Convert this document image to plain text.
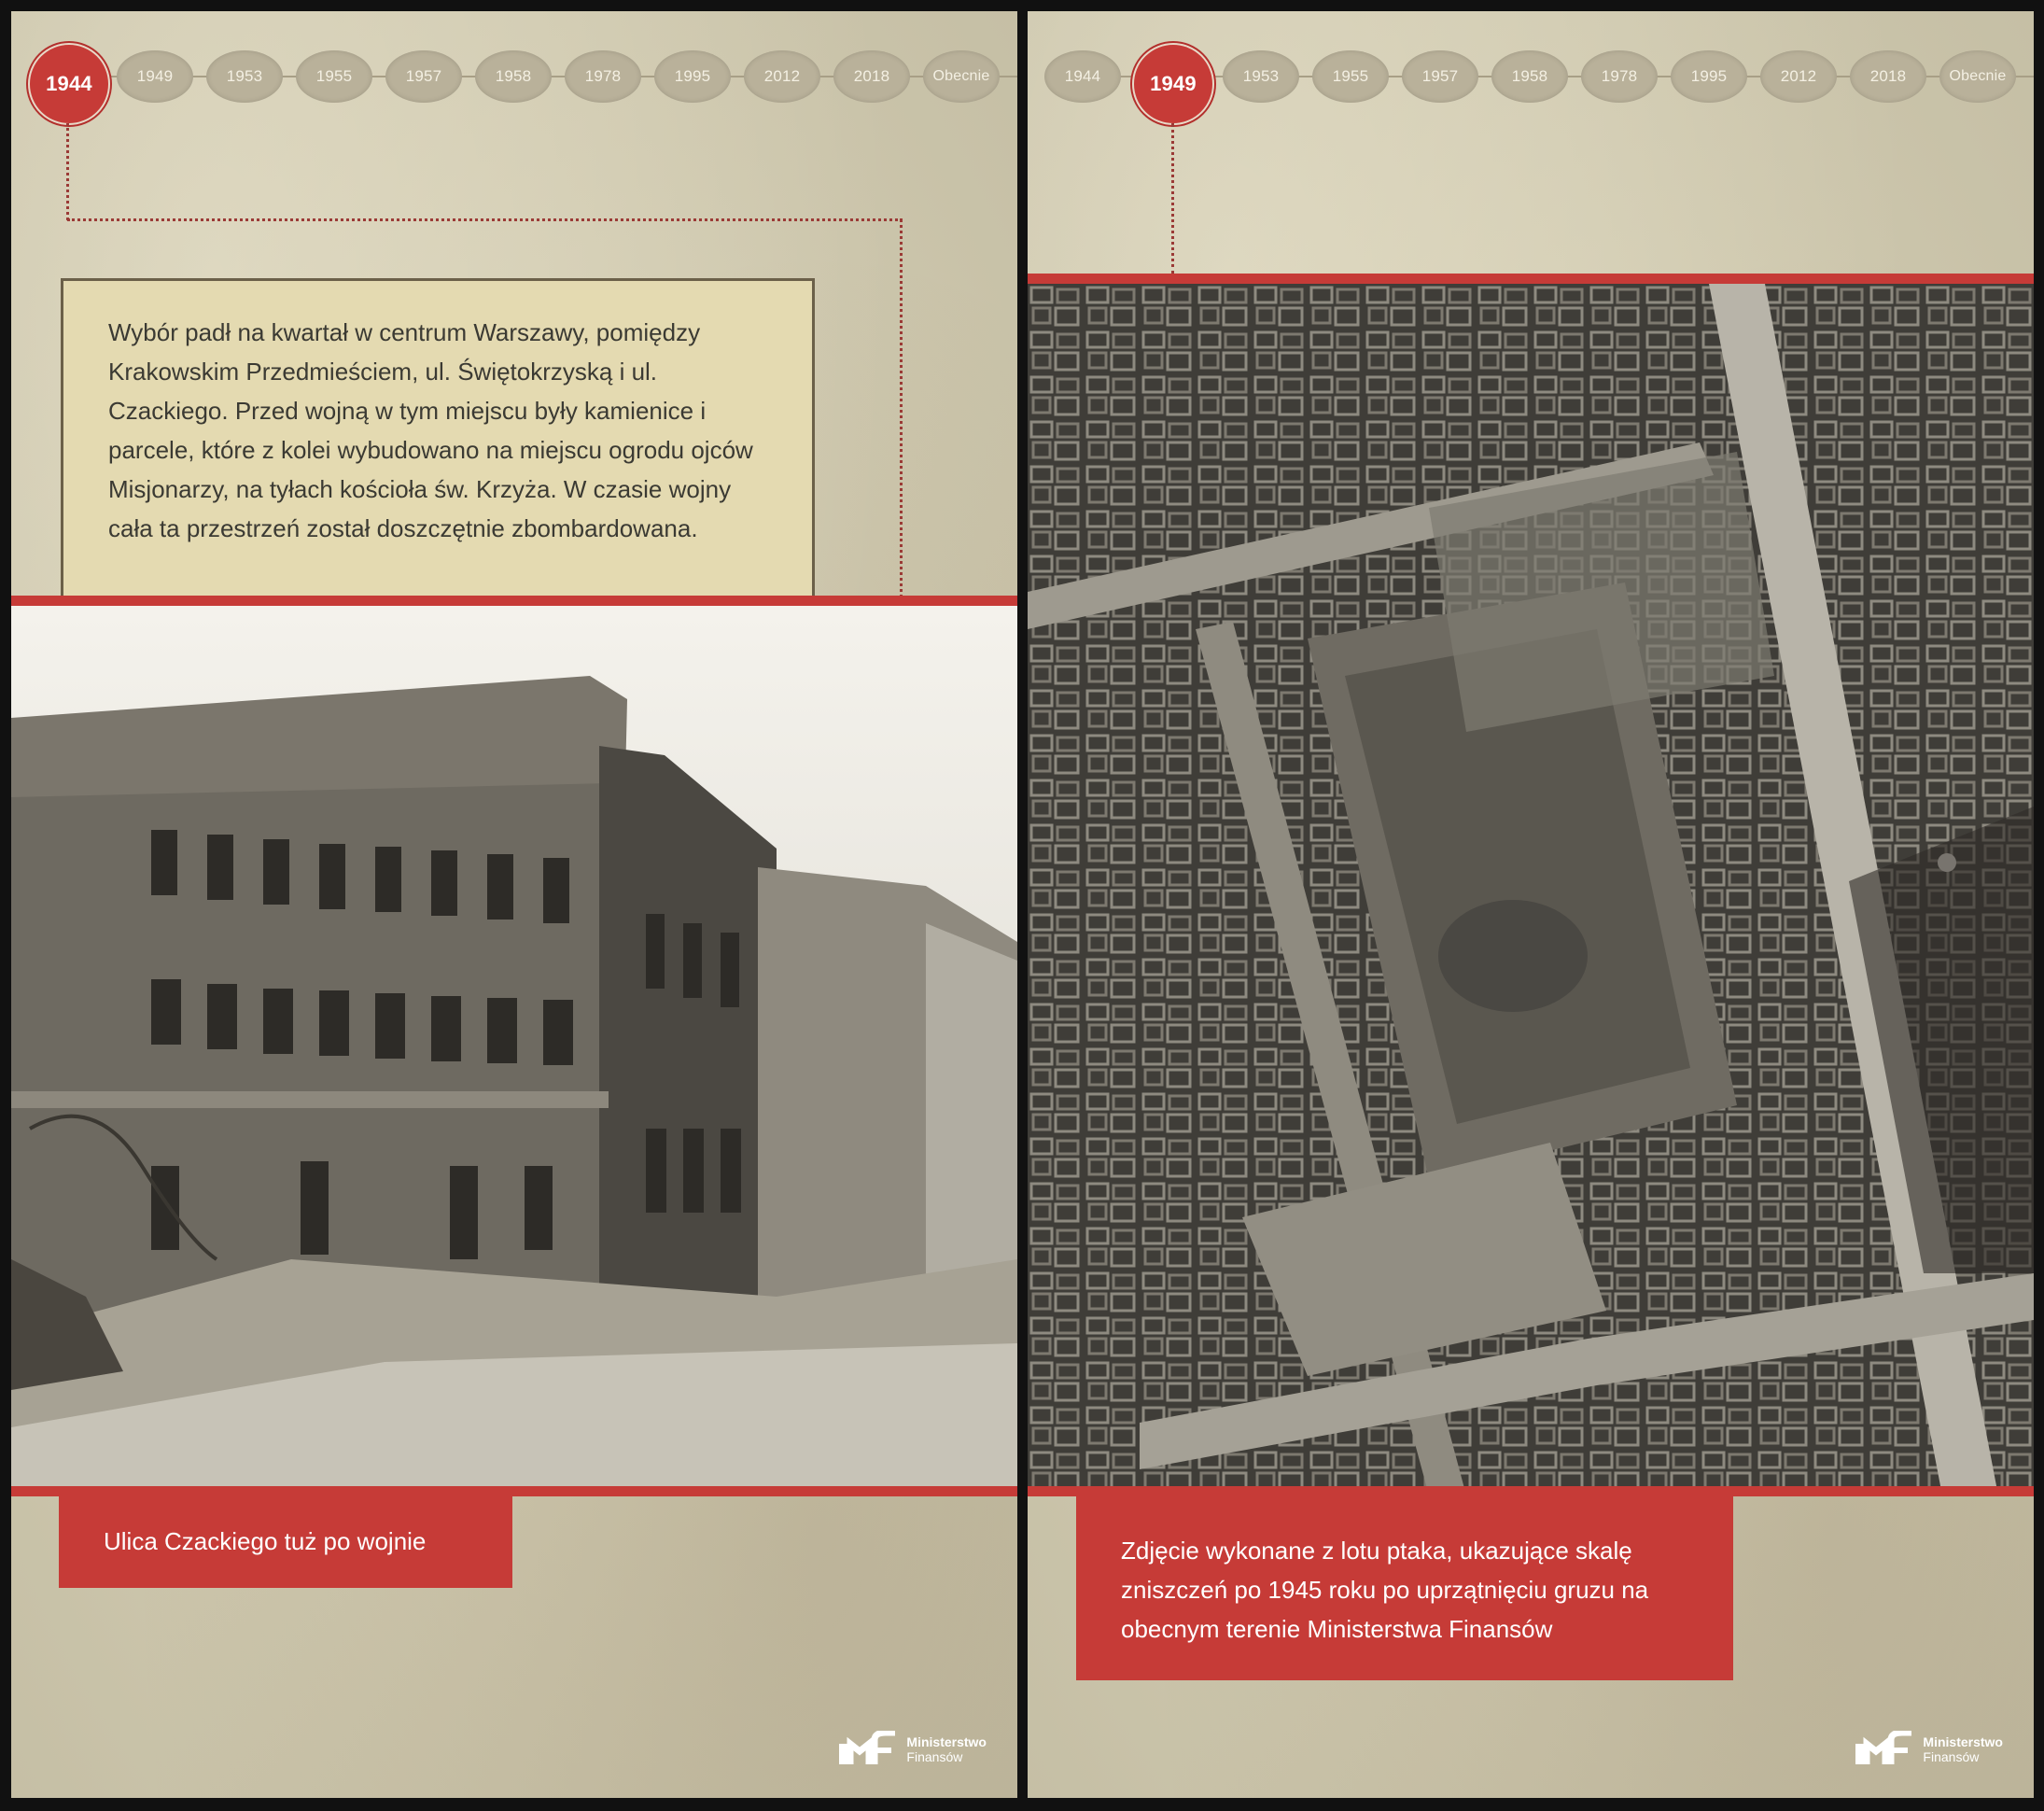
1944	1949	1953	1955	1957	1958	1978	1995	2012	2018	Obecnie
Wybór padł na kwartał w centrum Warszawy, pomiędzy Krakowskim Przedmieściem, ul. Świętokrzyską i ul. Czackiego. Przed wojną w tym miejscu były kamienice i parcele, które z kolei wybudowano na miejscu ogrodu ojców Misjonarzy, na tyłach kościoła św. Krzyża. W czasie wojny cała ta przestrzeń został doszczętnie zbombardowana.
Ulica Czackiego tuż po wojnie
Ministerstwo
Finansów
1944	1949	1953	1955	1957	1958	1978	1995	2012	2018	Obecnie
Zdjęcie wykonane z lotu ptaka, ukazujące skalę zniszczeń po 1945 roku po uprzątnięciu gruzu na obecnym terenie Ministerstwa Finansów
Ministerstwo
Finansów
